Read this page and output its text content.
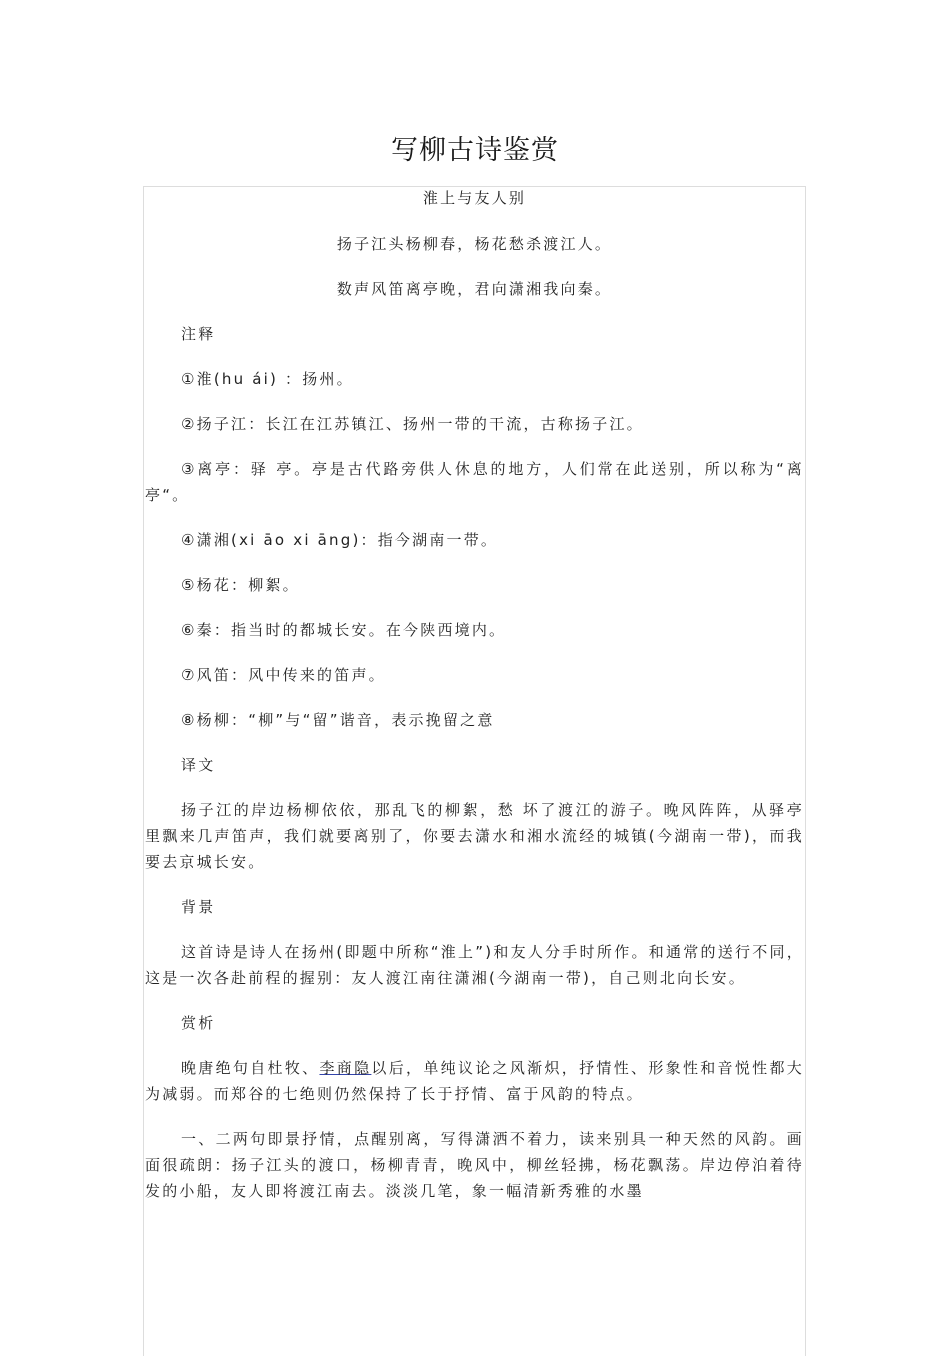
写柳古诗鉴赏

淮上与友人别

扬子江头杨柳春，杨花愁杀渡江人。

数声风笛离亭晚，君向潇湘我向秦。

注释

①淮(hu ái) ：扬州。

②扬子江：长江在江苏镇江、扬州一带的干流，古称扬子江。

③离亭：驿 亭。亭是古代路旁供人休息的地方，人们常在此送别，所以称为“离亭“。

④潇湘(xi āo xi āng)：指今湖南一带。

⑤杨花：柳絮。

⑥秦：指当时的都城长安。在今陕西境内。

⑦风笛：风中传来的笛声。

⑧杨柳：“柳”与“留”谐音，表示挽留之意

译文

扬子江的岸边杨柳依依，那乱飞的柳絮，愁 坏了渡江的游子。晚风阵阵，从驿亭里飘来几声笛声，我们就要离别了，你要去潇水和湘水流经的城镇(今湖南一带)，而我要去京城长安。

背景

这首诗是诗人在扬州(即题中所称“淮上”)和友人分手时所作。和通常的送行不同，这是一次各赴前程的握别：友人渡江南往潇湘(今湖南一带)，自己则北向长安。

赏析

晚唐绝句自杜牧、李商隐以后，单纯议论之风渐炽，抒情性、形象性和音悦性都大为减弱。而郑谷的七绝则仍然保持了长于抒情、富于风韵的特点。

一、二两句即景抒情，点醒别离，写得潇洒不着力，读来别具一种天然的风韵。画面很疏朗：扬子江头的渡口，杨柳青青，晚风中，柳丝轻拂，杨花飘荡。岸边停泊着待发的小船，友人即将渡江南去。淡淡几笔，象一幅清新秀雅的水墨
